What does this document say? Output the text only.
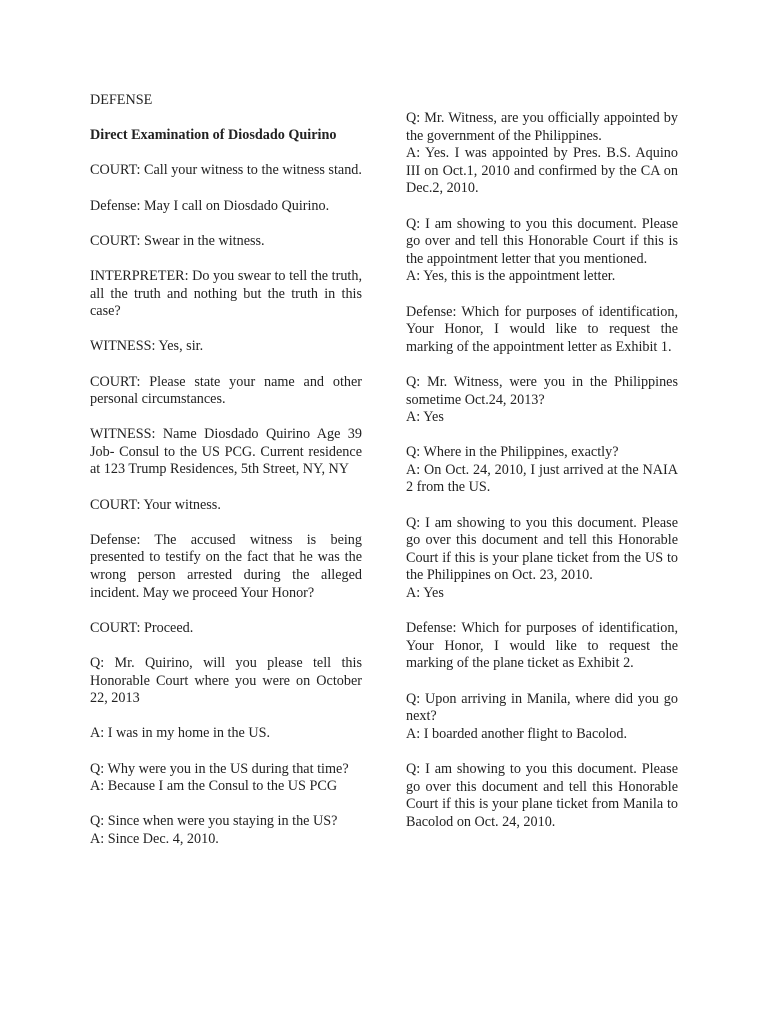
DEFENSE

Direct Examination of Diosdado Quirino

COURT: Call your witness to the witness stand.

Defense: May I call on Diosdado Quirino.

COURT: Swear in the witness.

INTERPRETER: Do you swear to tell the truth, all the truth and nothing but the truth in this case?

WITNESS: Yes, sir.

COURT: Please state your name and other personal circumstances.

WITNESS: Name Diosdado Quirino Age 39 Job- Consul to the US PCG. Current residence at 123 Trump Residences, 5th Street, NY, NY

COURT: Your witness.

Defense: The accused witness is being presented to testify on the fact that he was the wrong person arrested during the alleged incident. May we proceed Your Honor?

COURT: Proceed.

Q: Mr. Quirino, will you please tell this Honorable Court where you were on October 22, 2013

A: I was in my home in the US.

Q: Why were you in the US during that time?

A: Because I am the Consul to the US PCG

Q: Since when were you staying in the US?

A: Since Dec. 4, 2010.

Q: Mr. Witness, are you officially appointed by the government of the Philippines.

A: Yes. I was appointed by Pres. B.S. Aquino III on Oct.1, 2010 and confirmed by the CA on Dec.2, 2010.

Q: I am showing to you this document. Please go over and tell this Honorable Court if this is the appointment letter that you mentioned.

A: Yes, this is the appointment letter.

Defense: Which for purposes of identification, Your Honor, I would like to request the marking of the appointment letter as Exhibit 1.

Q: Mr. Witness, were you in the Philippines sometime Oct.24, 2013?

A: Yes

Q: Where in the Philippines, exactly?

A: On Oct. 24, 2010, I just arrived at the NAIA 2 from the US.

Q: I am showing to you this document. Please go over this document and tell this Honorable Court if this is your plane ticket from the US to the Philippines on Oct. 23, 2010.

A: Yes

Defense: Which for purposes of identification, Your Honor, I would like to request the marking of the plane ticket as Exhibit 2.

Q: Upon arriving in Manila, where did you go next?

A: I boarded another flight to Bacolod.

Q: I am showing to you this document. Please go over this document and tell this Honorable Court if this is your plane ticket from Manila to Bacolod on Oct. 24, 2010.
